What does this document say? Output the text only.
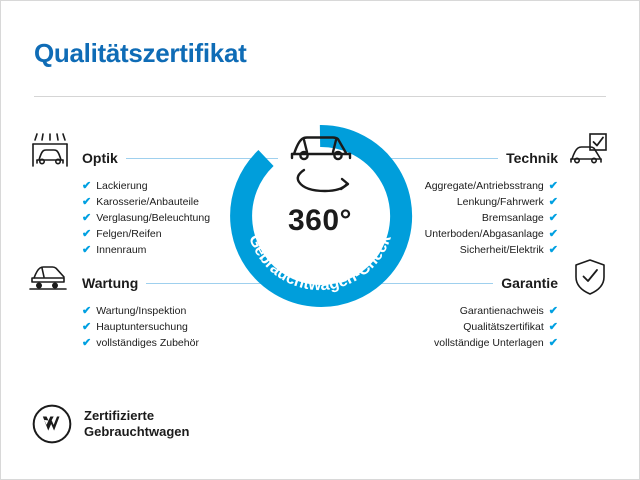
Qualitätszertifikat
Optik
✔ Lackierung
✔ Karosserie/Anbauteile
✔ Verglasung/Beleuchtung
✔ Felgen/Reifen
✔ Innenraum
Wartung
✔ Wartung/Inspektion
✔ Hauptuntersuchung
✔ vollständiges Zubehör
Technik
Aggregate/Antriebsstrang ✔
Lenkung/Fahrwerk ✔
Bremsanlage ✔
Unterboden/Abgasanlage ✔
Sicherheit/Elektrik ✔
Garantie
Garantienachweis ✔
Qualitätszertifikat ✔
vollständige Unterlagen ✔
Gebrauchtwagen-Check
360°
Zertifizierte
Gebrauchtwagen
